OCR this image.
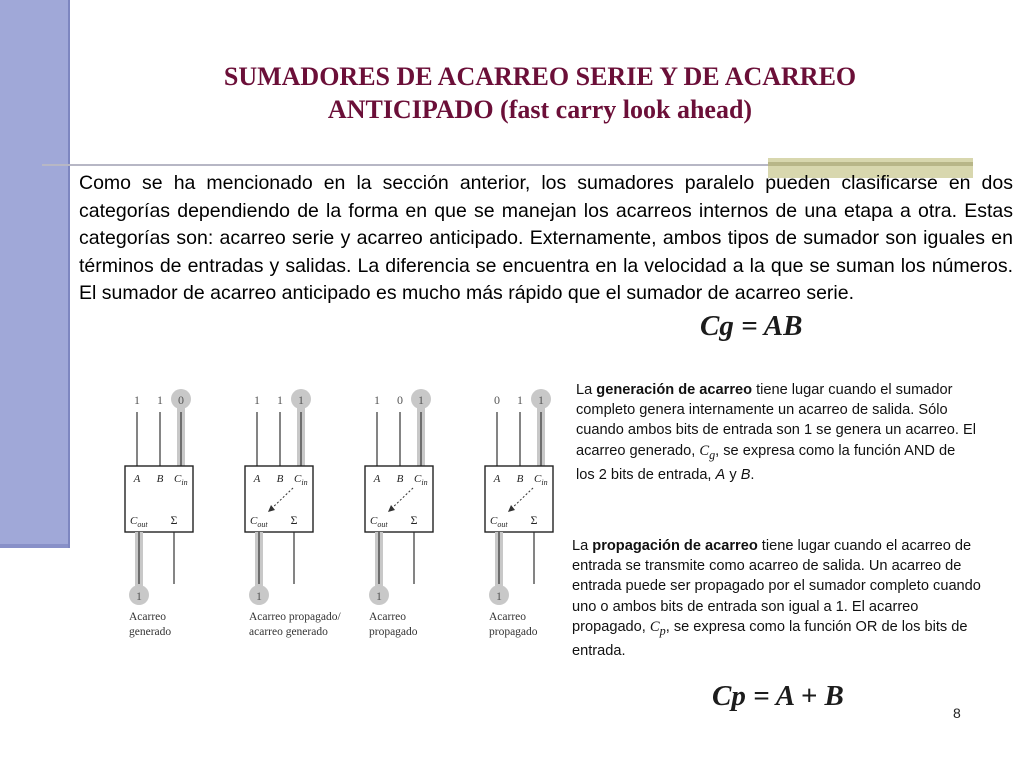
SUMADORES DE ACARREO SERIE Y DE ACARREO
ANTICIPADO (fast carry look ahead)

Como se ha mencionado en la sección anterior, los sumadores paralelo pueden clasificarse en dos categorías dependiendo de la forma en que se manejan los acarreos internos de una etapa a otra. Estas categorías son: acarreo serie y acarreo anticipado. Externamente, ambos tipos de sumador son iguales en términos de entradas y salidas. La diferencia se encuentra en la velocidad a la que se suman los números. El sumador de acarreo anticipado es mucho más rápido que el sumador de acarreo serie.

Cg = AB
La generación de acarreo tiene lugar cuando el sumador completo genera internamente un acarreo de salida. Sólo cuando ambos bits de entrada son 1 se genera un acarreo. El acarreo generado, $C_g$, se expresa como la función AND de los 2 bits de entrada, A y B.
La propagación de acarreo tiene lugar cuando el acarreo de entrada se transmite como acarreo de salida. Un acarreo de entrada puede ser propagado por el sumador completo cuando uno o ambos bits de entrada son igual a 1. El acarreo propagado, $C_p$, se expresa como la función OR de los bits de entrada.
Cp = A + B
1 1 0
A B $C_{in}$
$C_{out}$ Σ
1
Acarreo
generado
1 1 1
A B $C_{in}$
$C_{out}$ Σ
1
Acarreo propagado/
acarreo generado
1 0 1
A B $C_{in}$
$C_{out}$ Σ
1
Acarreo
propagado
0 1 1
A B $C_{in}$
$C_{out}$ Σ
1
Acarreo
propagado
8
